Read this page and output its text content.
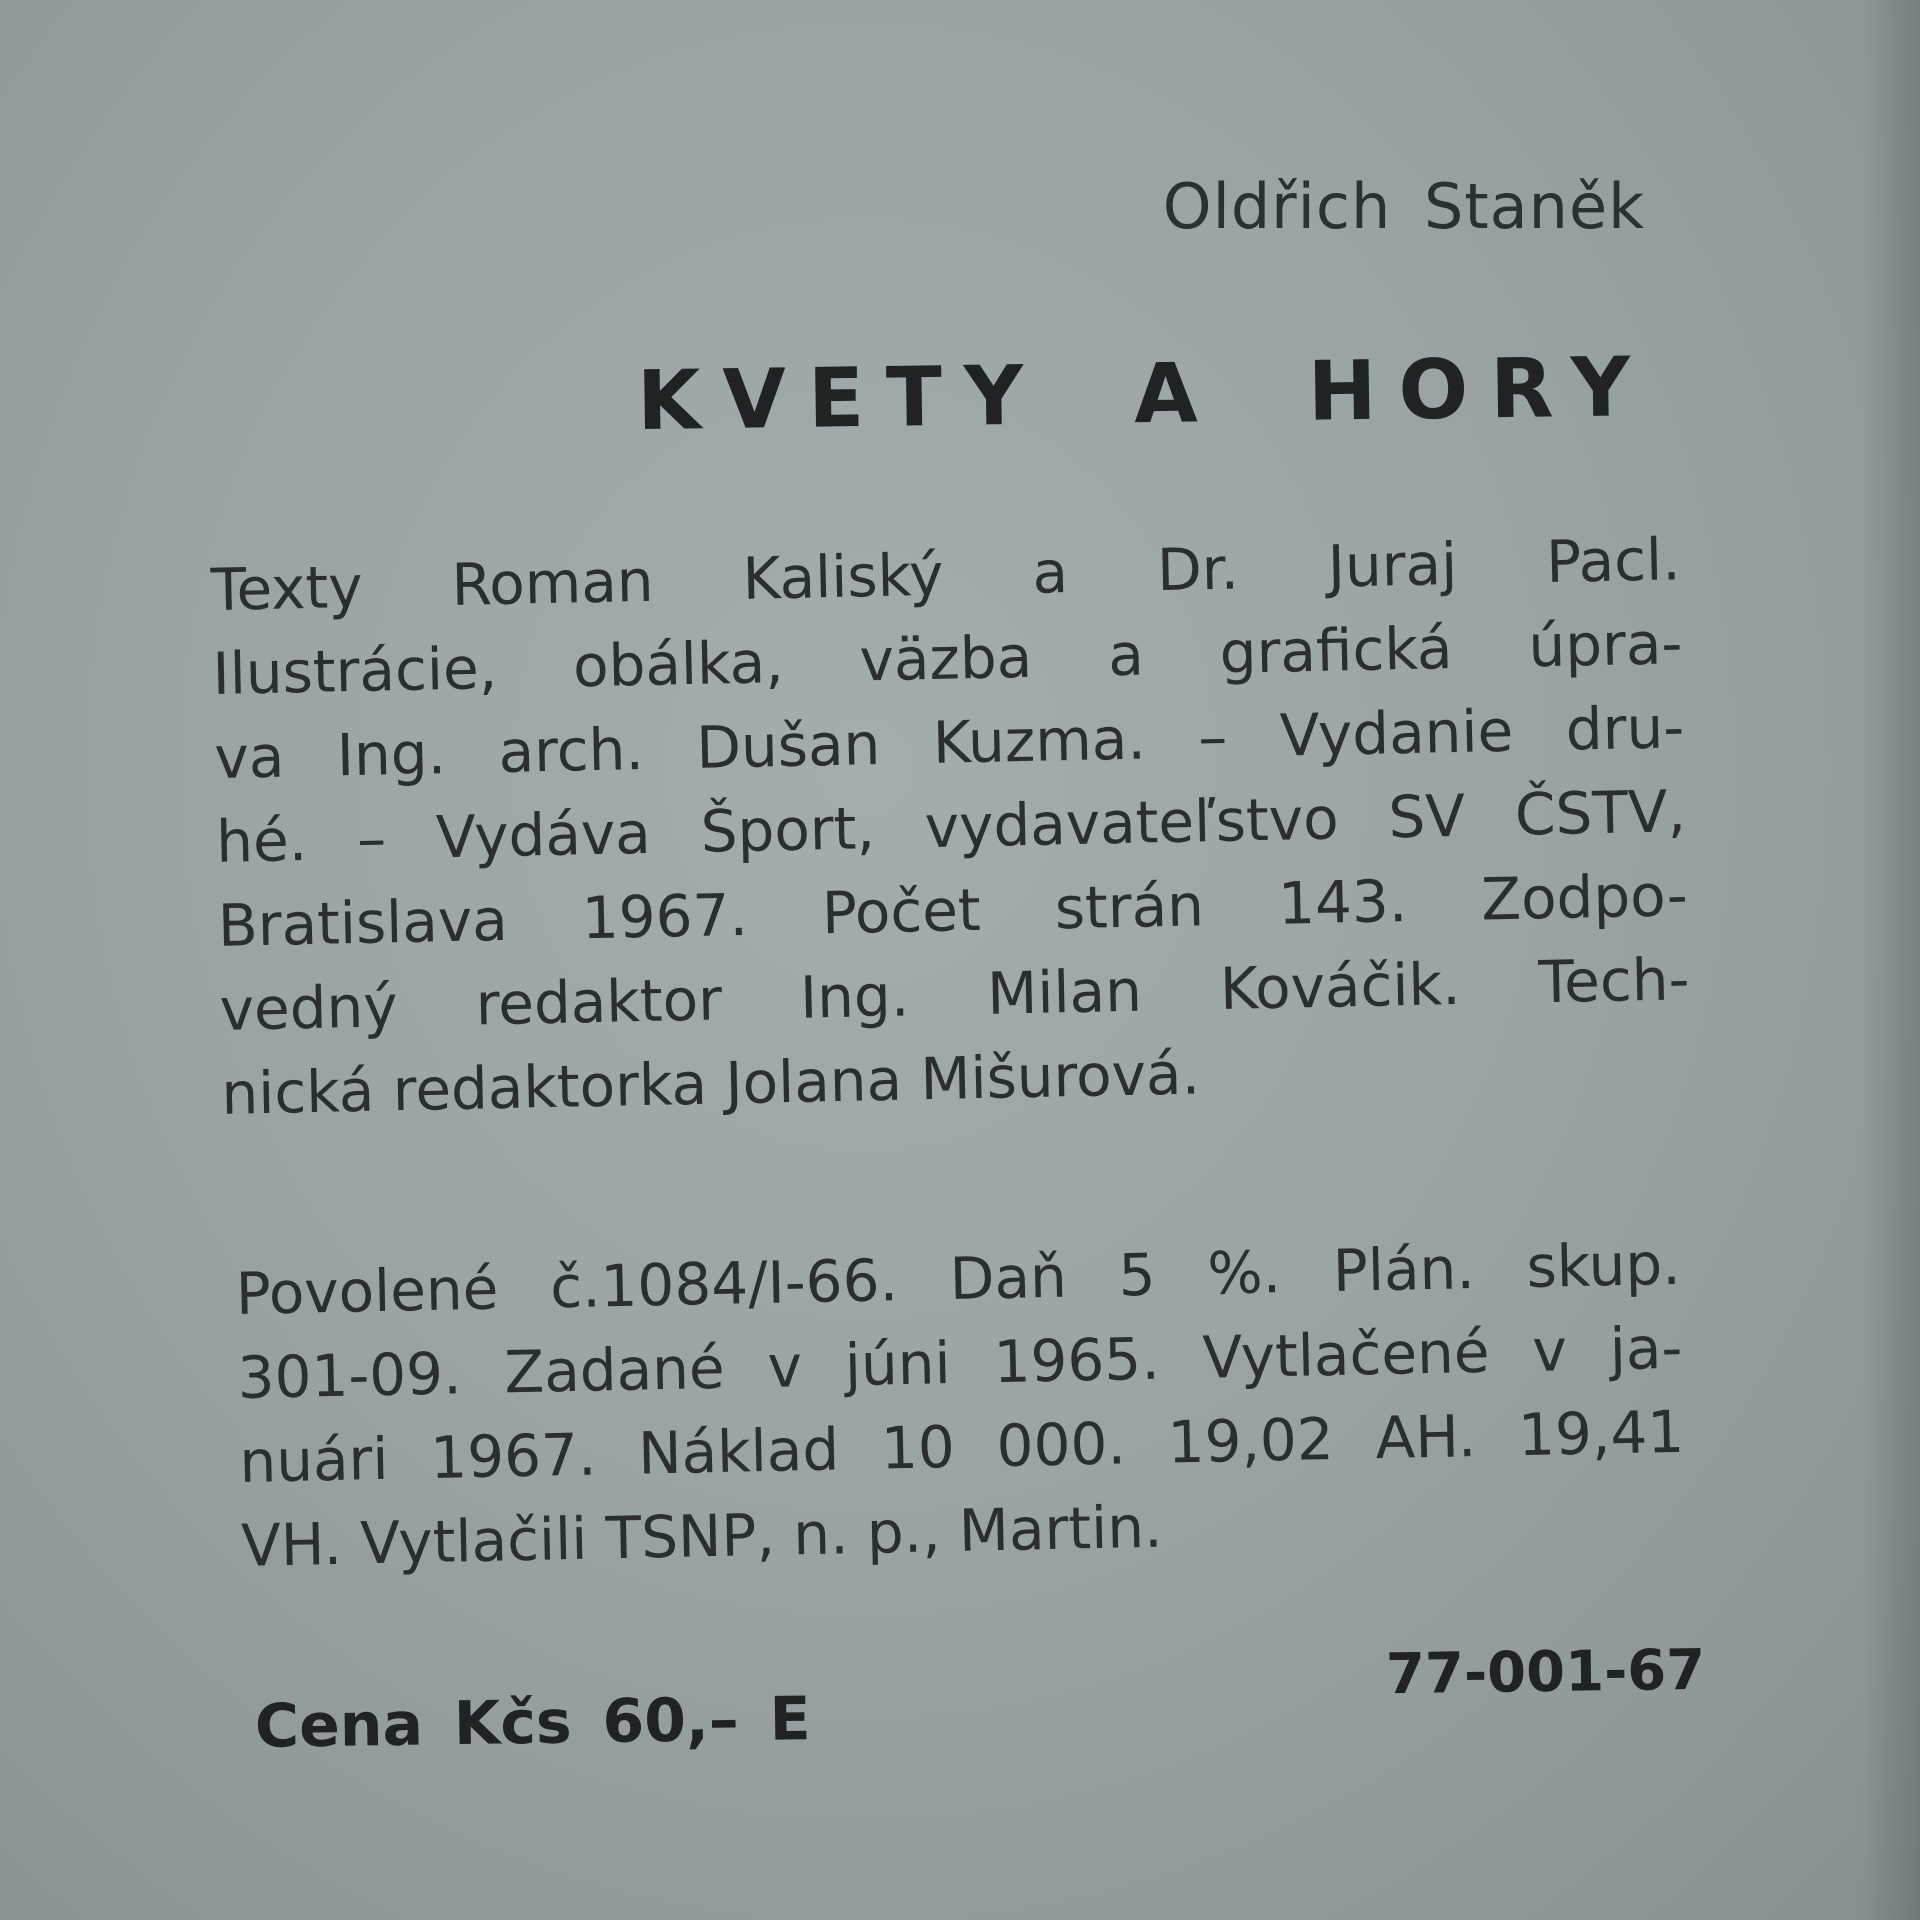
Oldřich Staněk
KVETY A HORY
Texty Roman Kaliský a Dr. Juraj Pacl.
Ilustrácie, obálka, väzba a grafická úpra-
va Ing. arch. Dušan Kuzma. – Vydanie dru-
hé. – Vydáva Šport, vydavateľstvo SV ČSTV,
Bratislava 1967. Počet strán 143. Zodpo-
vedný redaktor Ing. Milan Kováčik. Tech-
nická redaktorka Jolana Mišurová.
Povolené č.1084/I-66. Daň 5 %. Plán. skup.
301-09. Zadané v júni 1965. Vytlačené v ja-
nuári 1967. Náklad 10 000. 19,02 AH. 19,41
VH. Vytlačili TSNP, n. p., Martin.
Cena Kčs 60,– E
77-001-67
